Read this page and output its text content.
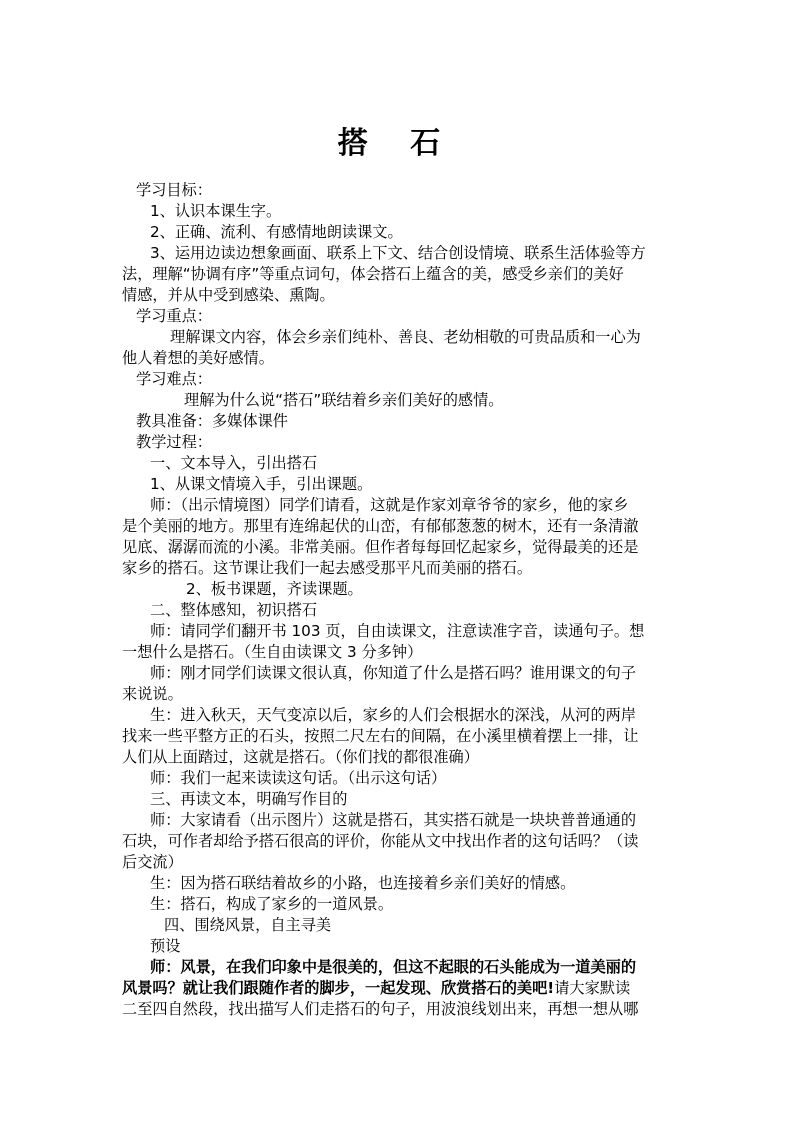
搭 石
学习目标：
1、认识本课生字。
2、正确、流利、有感情地朗读课文。
3、运用边读边想象画面、联系上下文、结合创设情境、联系生活体验等方
法，理解“协调有序”等重点词句，体会搭石上蕴含的美，感受乡亲们的美好
情感，并从中受到感染、熏陶。
学习重点：
理解课文内容，体会乡亲们纯朴、善良、老幼相敬的可贵品质和一心为
他人着想的美好感情。
学习难点：
理解为什么说“搭石”联结着乡亲们美好的感情。
教具准备：多媒体课件
教学过程：
一、文本导入，引出搭石
1、从课文情境入手，引出课题。
师：（出示情境图）同学们请看，这就是作家刘章爷爷的家乡，他的家乡
是个美丽的地方。那里有连绵起伏的山峦，有郁郁葱葱的树木，还有一条清澈
见底、潺潺而流的小溪。非常美丽。但作者每每回忆起家乡，觉得最美的还是
家乡的搭石。这节课让我们一起去感受那平凡而美丽的搭石。
2、板书课题，齐读课题。
二、整体感知，初识搭石
师：请同学们翻开书 103 页，自由读课文，注意读准字音，读通句子。想
一想什么是搭石。（生自由读课文 3 分多钟）
师：刚才同学们读课文很认真，你知道了什么是搭石吗？谁用课文的句子
来说说。
生：进入秋天，天气变凉以后，家乡的人们会根据水的深浅，从河的两岸
找来一些平整方正的石头，按照二尺左右的间隔，在小溪里横着摆上一排，让
人们从上面踏过，这就是搭石。（你们找的都很准确）
师：我们一起来读读这句话。（出示这句话）
三、再读文本，明确写作目的
师：大家请看（出示图片）这就是搭石，其实搭石就是一块块普普通通的
石块，可作者却给予搭石很高的评价，你能从文中找出作者的这句话吗？（读
后交流）
生：因为搭石联结着故乡的小路，也连接着乡亲们美好的情感。
生：搭石，构成了家乡的一道风景。
四、围绕风景，自主寻美
预设
师：风景，在我们印象中是很美的，但这不起眼的石头能成为一道美丽的
风景吗？就让我们跟随作者的脚步，一起发现、欣赏搭石的美吧!请大家默读
二至四自然段，找出描写人们走搭石的句子，用波浪线划出来，再想一想从哪
